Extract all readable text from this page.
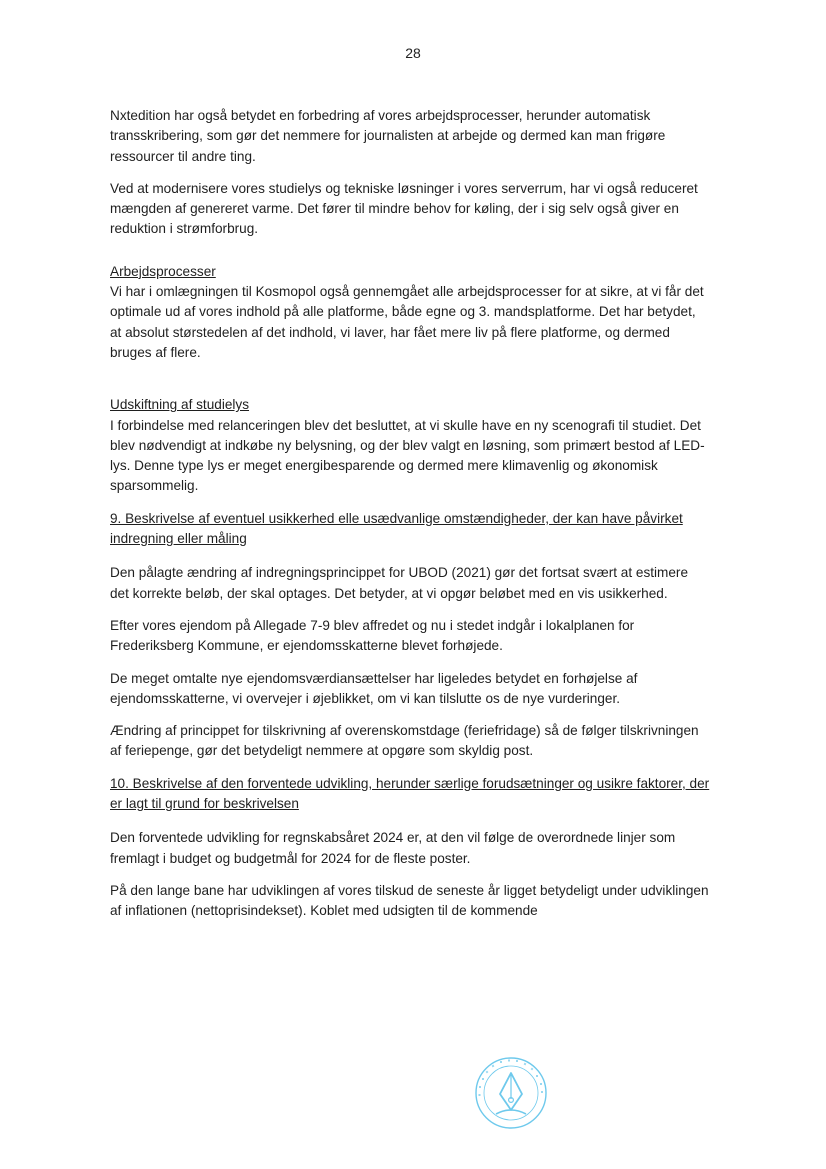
28

Nxtedition har også betydet en forbedring af vores arbejdsprocesser, herunder automatisk transskribering, som gør det nemmere for journalisten at arbejde og dermed kan man frigøre ressourcer til andre ting.

Ved at modernisere vores studielys og tekniske løsninger i vores serverrum, har vi også reduceret mængden af genereret varme. Det fører til mindre behov for køling, der i sig selv også giver en reduktion i strømforbrug.

Arbejdsprocesser

Vi har i omlægningen til Kosmopol også gennemgået alle arbejdsprocesser for at sikre, at vi får det optimale ud af vores indhold på alle platforme, både egne og 3. mandsplatforme. Det har betydet, at absolut størstedelen af det indhold, vi laver, har fået mere liv på flere platforme, og dermed bruges af flere.

Udskiftning af studielys

I forbindelse med relanceringen blev det besluttet, at vi skulle have en ny scenografi til studiet. Det blev nødvendigt at indkøbe ny belysning, og der blev valgt en løsning, som primært bestod af LED-lys. Denne type lys er meget energibesparende og dermed mere klimavenlig og økonomisk sparsommelig.

9. Beskrivelse af eventuel usikkerhed elle usædvanlige omstændigheder, der kan have påvirket indregning eller måling

Den pålagte ændring af indregningsprincippet for UBOD (2021) gør det fortsat svært at estimere det korrekte beløb, der skal optages. Det betyder, at vi opgør beløbet med en vis usikkerhed.

Efter vores ejendom på Allegade 7-9 blev affredet og nu i stedet indgår i lokalplanen for Frederiksberg Kommune, er ejendomsskatterne blevet forhøjede.

De meget omtalte nye ejendomsværdiansættelser har ligeledes betydet en forhøjelse af ejendomsskatterne, vi overvejer i øjeblikket, om vi kan tilslutte os de nye vurderinger.

Ændring af princippet for tilskrivning af overenskomstdage (feriefridage) så de følger tilskrivningen af feriepenge, gør det betydeligt nemmere at opgøre som skyldig post.

10. Beskrivelse af den forventede udvikling, herunder særlige forudsætninger og usikre faktorer, der er lagt til grund for beskrivelsen

Den forventede udvikling for regnskabsåret 2024 er, at den vil følge de overordnede linjer som fremlagt i budget og budgetmål for 2024 for de fleste poster.

På den lange bane har udviklingen af vores tilskud de seneste år ligget betydeligt under udviklingen af inflationen (nettoprisindekset). Koblet med udsigten til de kommende
